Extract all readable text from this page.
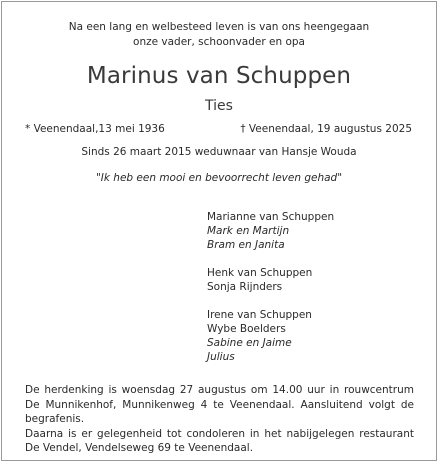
Na een lang en welbesteed leven is van ons heengegaan
onze vader, schoonvader en opa
Marinus van Schuppen
Ties
* Veenendaal,13 mei 1936	† Veenendaal, 19 augustus 2025
Sinds 26 maart 2015 weduwnaar van Hansje Wouda
"Ik heb een mooi en bevoorrecht leven gehad"
Marianne van Schuppen
Mark en Martijn
Bram en Janita
Henk van Schuppen
Sonja Rijnders
Irene van Schuppen
Wybe Boelders
Sabine en Jaime
Julius
De herdenking is woensdag 27 augustus om 14.00 uur in rouwcentrum
De Munnikenhof, Munnikenweg 4 te Veenendaal. Aansluitend volgt de begrafenis.
Daarna is er gelegenheid tot condoleren in het nabijgelegen restaurant
De Vendel, Vendelseweg 69 te Veenendaal.
